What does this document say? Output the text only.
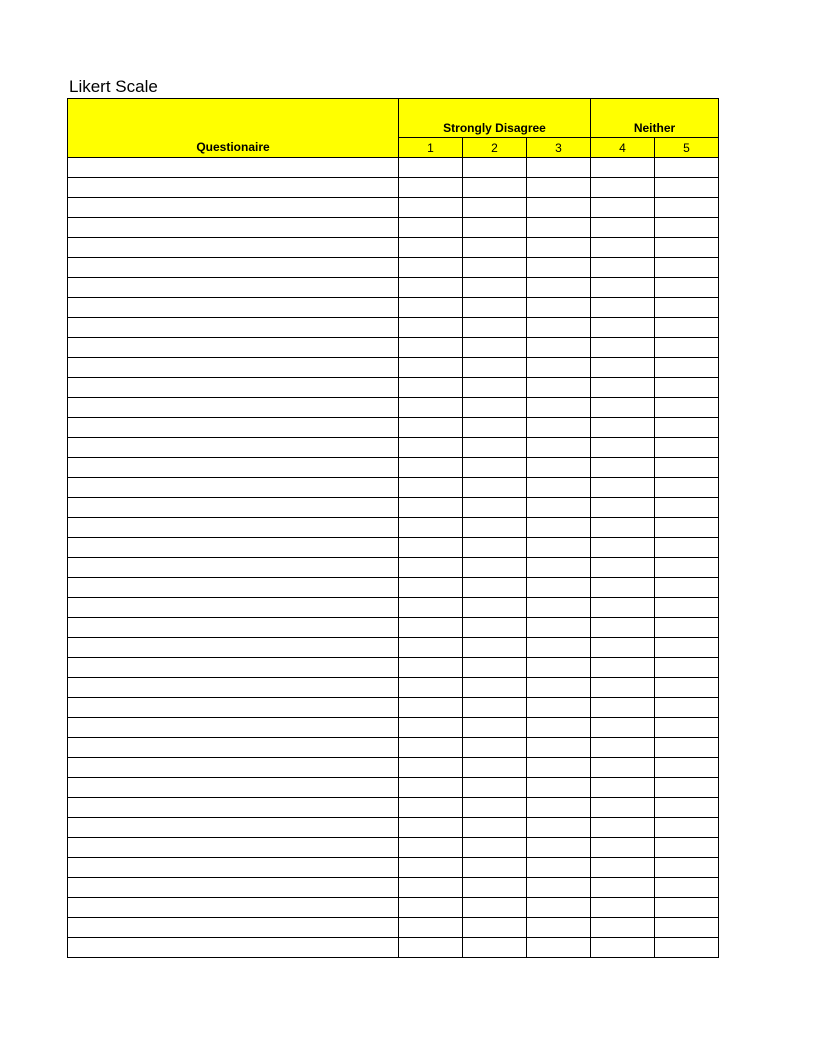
Likert Scale
Questionaire	Strongly Disagree			Neither	
	1	2	3	4	5
